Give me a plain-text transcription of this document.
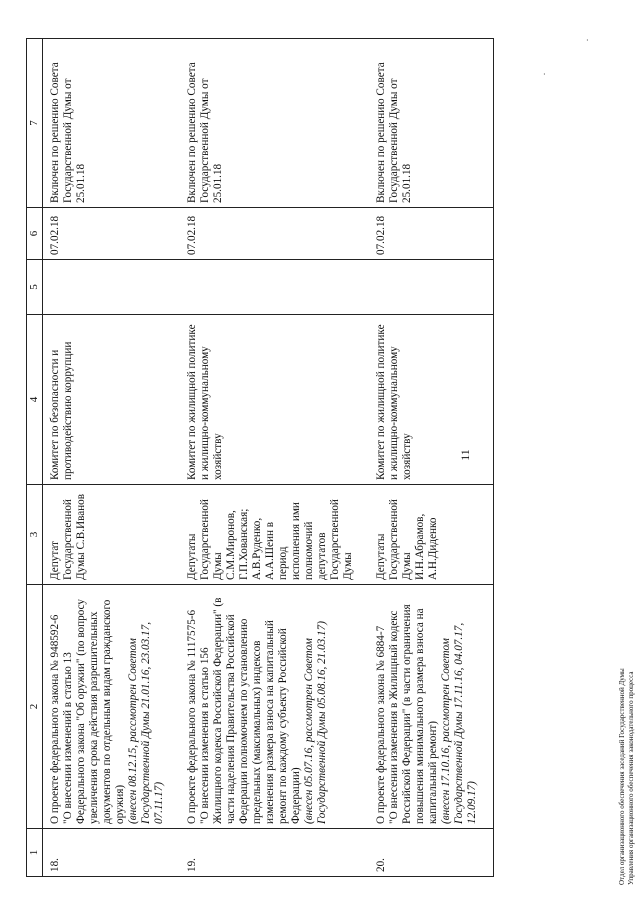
·
·
1	2	3	4	5	6	7
18.	О проекте федерального закона № 948592-6 "О внесении изменений в статью 13 Федерального закона "Об оружии" (по вопросу увеличения срока действия разрешительных документов по отдельным видам гражданского оружия) (внесен 08.12.15, рассмотрен Советом Государственной Думы 21.01.16, 23.03.17, 07.11.17)	Депутат Государственной Думы С.В.Иванов	Комитет по безопасности и противодействию коррупции		07.02.18	Включен по решению Совета Государственной Думы от 25.01.18
19.	О проекте федерального закона № 1117575-6 "О внесении изменения в статью 156 Жилищного кодекса Российской Федерации" (в части наделения Правительства Российской Федерации полномочием по установлению предельных (максимальных) индексов изменения размера взноса на капитальный ремонт по каждому субъекту Российской Федерации) (внесен 05.07.16, рассмотрен Советом Государственной Думы 05.08.16, 21.03.17)	Депутаты Государственной Думы С.М.Миронов, Г.П.Хованская; А.В.Руденко, А.А.Шеин в период исполнения ими полномочий депутатов Государственной Думы	Комитет по жилищной политике и жилищно-коммунальному хозяйству		07.02.18	Включен по решению Совета Государственной Думы от 25.01.18
20.	О проекте федерального закона № 6884-7 "О внесении изменения в Жилищный кодекс Российской Федерации" (в части ограничения повышения минимального размера взноса на капитальный ремонт) (внесен 17.10.16, рассмотрен Советом Государственной Думы 17.11.16, 04.07.17, 12.09.17)	Депутаты Государственной Думы И.Н.Абрамов, А.Н.Диденко	Комитет по жилищной политике и жилищно-коммунальному хозяйству		07.02.18	Включен по решению Совета Государственной Думы от 25.01.18
11
Отдел организационного обеспечения заседаний Государственной Думы Управления организационного обеспечения законодательного процесса
